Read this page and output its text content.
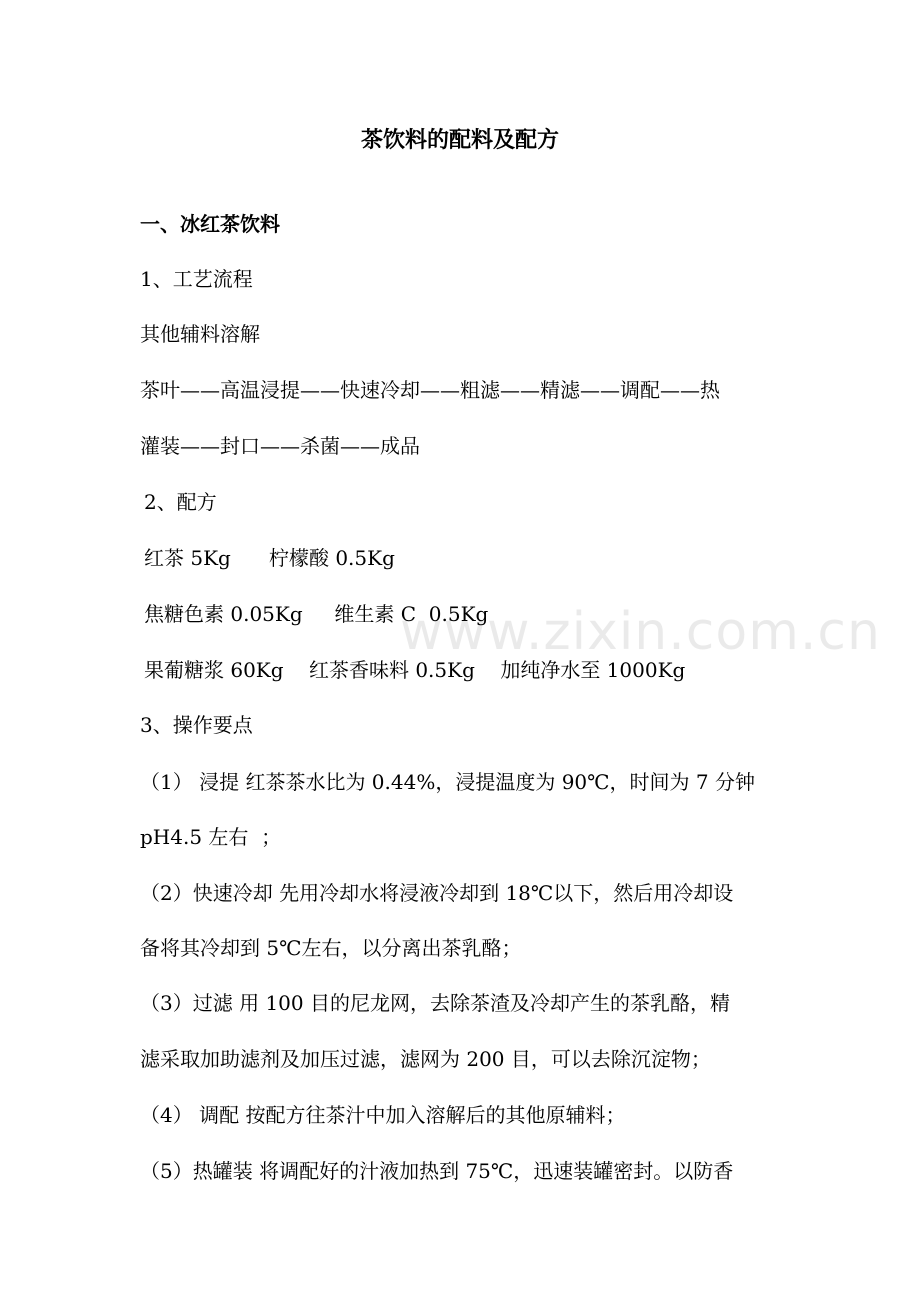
茶饮料的配料及配方
一、冰红茶饮料
1、工艺流程
其他辅料溶解
茶叶——高温浸提——快速冷却——粗滤——精滤——调配——热
灌装——封口——杀菌——成品
2、配方
红茶 5Kg      柠檬酸 0.5Kg
焦糖色素 0.05Kg     维生素 C  0.5Kg
果葡糖浆 60Kg    红茶香味料 0.5Kg    加纯净水至 1000Kg
3、操作要点
（1） 浸提 红茶茶水比为 0.44%，浸提温度为 90℃，时间为 7 分钟
pH4.5 左右  ；
（2）快速冷却 先用冷却水将浸液冷却到 18℃以下，然后用冷却设
备将其冷却到 5℃左右，以分离出茶乳酪；
（3）过滤 用 100 目的尼龙网，去除茶渣及冷却产生的茶乳酪，精
滤采取加助滤剂及加压过滤，滤网为 200 目，可以去除沉淀物；
（4） 调配 按配方往茶汁中加入溶解后的其他原辅料；
（5）热罐装 将调配好的汁液加热到 75℃，迅速装罐密封。以防香
www.zixin.com.cn
